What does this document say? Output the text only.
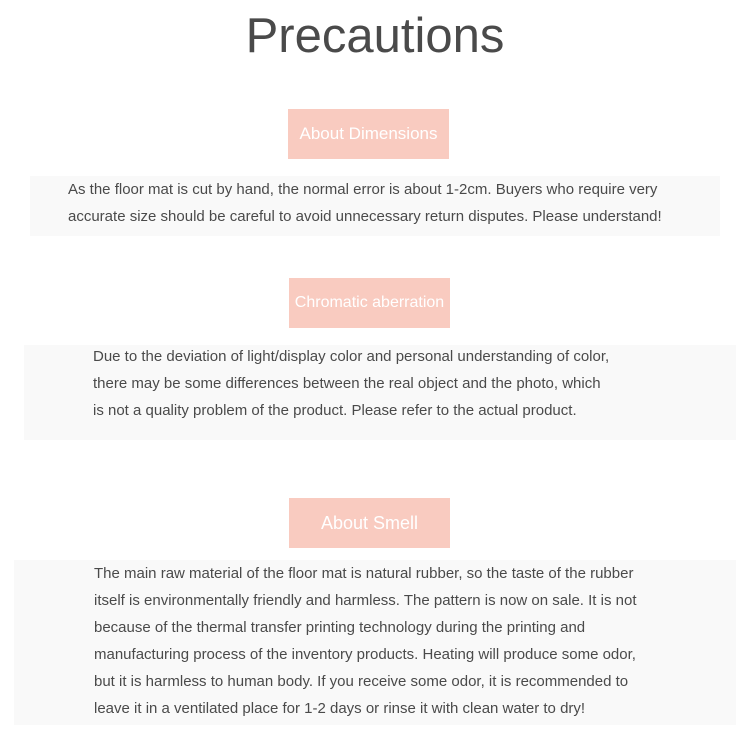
Precautions
About Dimensions

As the floor mat is cut by hand, the normal error is about 1-2cm. Buyers who require very
accurate size should be careful to avoid unnecessary return disputes. Please understand!

Chromatic aberration

Due to the deviation of light/display color and personal understanding of color,
there may be some differences between the real object and the photo, which
is not a quality problem of the product. Please refer to the actual product.

About Smell

The main raw material of the floor mat is natural rubber, so the taste of the rubber
itself is environmentally friendly and harmless. The pattern is now on sale. It is not
because of the thermal transfer printing technology during the printing and
manufacturing process of the inventory products. Heating will produce some odor,
but it is harmless to human body. If you receive some odor, it is recommended to
leave it in a ventilated place for 1-2 days or rinse it with clean water to dry!
